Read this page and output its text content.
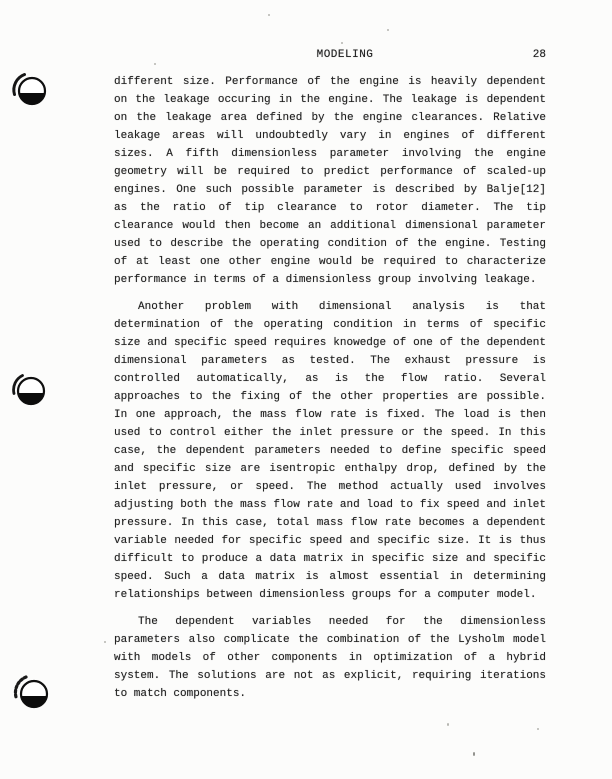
MODELING	28

different size. Performance of the engine is heavily dependent
on the leakage occuring in the engine. The leakage is dependent
on the leakage area defined by the engine clearances. Relative
leakage areas will undoubtedly vary in engines of different
sizes. A fifth dimensionless parameter involving the engine
geometry will be required to predict performance of scaled-up
engines. One such possible parameter is described by Balje[12]
as the ratio of tip clearance to rotor diameter. The tip
clearance would then become an additional dimensional parameter
used to describe the operating condition of the engine. Testing
of at least one other engine would be required to characterize
performance in terms of a dimensionless group involving leakage.

Another problem with dimensional analysis is that
determination of the operating condition in terms of specific
size and specific speed requires knowedge of one of the dependent
dimensional parameters as tested. The exhaust pressure is
controlled automatically, as is the flow ratio. Several
approaches to the fixing of the other properties are possible.
In one approach, the mass flow rate is fixed. The load is then
used to control either the inlet pressure or the speed. In this
case, the dependent parameters needed to define specific speed
and specific size are isentropic enthalpy drop, defined by the
inlet pressure, or speed. The method actually used involves
adjusting both the mass flow rate and load to fix speed and inlet
pressure. In this case, total mass flow rate becomes a dependent
variable needed for specific speed and specific size. It is thus
difficult to produce a data matrix in specific size and specific
speed. Such a data matrix is almost essential in determining
relationships between dimensionless groups for a computer model.

The dependent variables needed for the dimensionless
parameters also complicate the combination of the Lysholm model
with models of other components in optimization of a hybrid
system. The solutions are not as explicit, requiring iterations
to match components.
